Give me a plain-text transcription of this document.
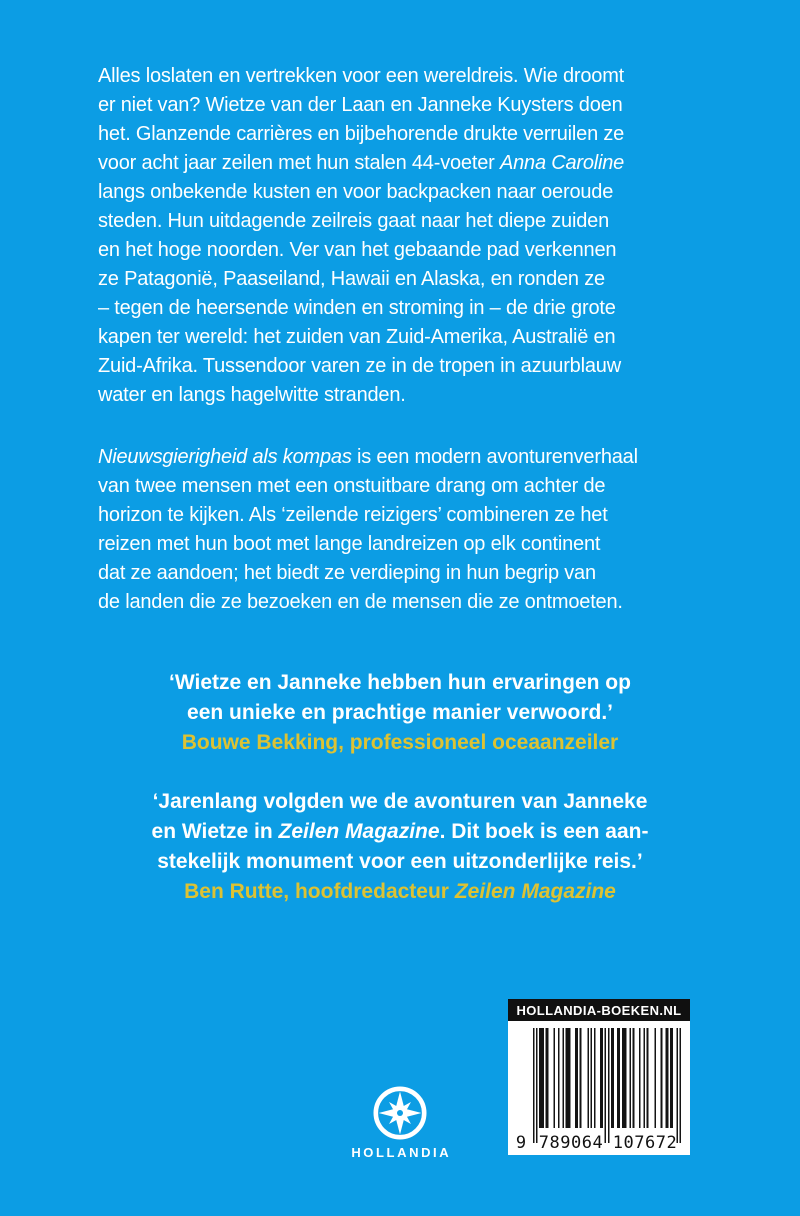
Alles loslaten en vertrekken voor een wereldreis. Wie droomt
er niet van? Wietze van der Laan en Janneke Kuysters doen
het. Glanzende carrières en bijbehorende drukte verruilen ze
voor acht jaar zeilen met hun stalen 44-voeter Anna Caroline
langs onbekende kusten en voor backpacken naar oeroude
steden. Hun uitdagende zeilreis gaat naar het diepe zuiden
en het hoge noorden. Ver van het gebaande pad verkennen
ze Patagonië, Paaseiland, Hawaii en Alaska, en ronden ze
– tegen de heersende winden en stroming in – de drie grote
kapen ter wereld: het zuiden van Zuid-Amerika, Australië en
Zuid-Afrika. Tussendoor varen ze in de tropen in azuurblauw
water en langs hagelwitte stranden.
Nieuwsgierigheid als kompas is een modern avonturenverhaal
van twee mensen met een onstuitbare drang om achter de
horizon te kijken. Als ‘zeilende reizigers’ combineren ze het
reizen met hun boot met lange landreizen op elk continent
dat ze aandoen; het biedt ze verdieping in hun begrip van
de landen die ze bezoeken en de mensen die ze ontmoeten.
‘Wietze en Janneke hebben hun ervaringen op
een unieke en prachtige manier verwoord.’
Bouwe Bekking, professioneel oceaanzeiler
‘Jarenlang volgden we de avonturen van Janneke
en Wietze in Zeilen Magazine. Dit boek is een aan-
stekelijk monument voor een uitzonderlijke reis.’
Ben Rutte, hoofdredacteur Zeilen Magazine
HOLLANDIA-BOEKEN.NL
9 789064 107672
HOLLANDIA
